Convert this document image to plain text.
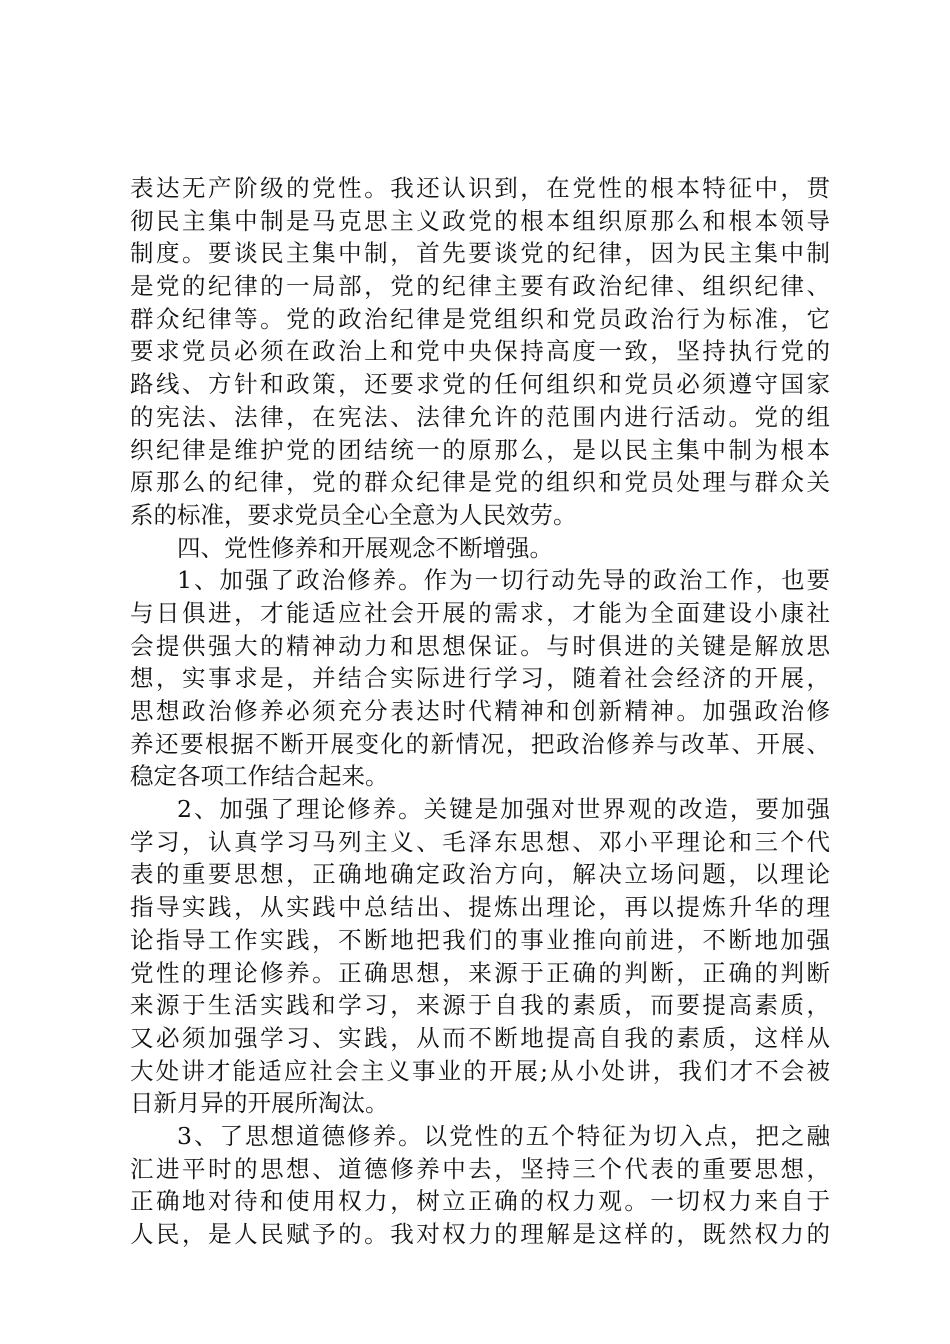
表达无产阶级的党性。我还认识到，在党性的根本特征中，贯
彻民主集中制是马克思主义政党的根本组织原那么和根本领导
制度。要谈民主集中制，首先要谈党的纪律，因为民主集中制
是党的纪律的一局部，党的纪律主要有政治纪律、组织纪律、
群众纪律等。党的政治纪律是党组织和党员政治行为标准，它
要求党员必须在政治上和党中央保持高度一致，坚持执行党的
路线、方针和政策，还要求党的任何组织和党员必须遵守国家
的宪法、法律，在宪法、法律允许的范围内进行活动。党的组
织纪律是维护党的团结统一的原那么，是以民主集中制为根本
原那么的纪律，党的群众纪律是党的组织和党员处理与群众关
系的标准，要求党员全心全意为人民效劳。
四、党性修养和开展观念不断增强。
1、加强了政治修养。作为一切行动先导的政治工作，也要
与日俱进，才能适应社会开展的需求，才能为全面建设小康社
会提供强大的精神动力和思想保证。与时俱进的关键是解放思
想，实事求是，并结合实际进行学习，随着社会经济的开展，
思想政治修养必须充分表达时代精神和创新精神。加强政治修
养还要根据不断开展变化的新情况，把政治修养与改革、开展、
稳定各项工作结合起来。
2、加强了理论修养。关键是加强对世界观的改造，要加强
学习，认真学习马列主义、毛泽东思想、邓小平理论和三个代
表的重要思想，正确地确定政治方向，解决立场问题，以理论
指导实践，从实践中总结出、提炼出理论，再以提炼升华的理
论指导工作实践，不断地把我们的事业推向前进，不断地加强
党性的理论修养。正确思想，来源于正确的判断，正确的判断
来源于生活实践和学习，来源于自我的素质，而要提高素质，
又必须加强学习、实践，从而不断地提高自我的素质，这样从
大处讲才能适应社会主义事业的开展;从小处讲，我们才不会被
日新月异的开展所淘汰。
3、了思想道德修养。以党性的五个特征为切入点，把之融
汇进平时的思想、道德修养中去，坚持三个代表的重要思想，
正确地对待和使用权力，树立正确的权力观。一切权力来自于
人民，是人民赋予的。我对权力的理解是这样的，既然权力的
